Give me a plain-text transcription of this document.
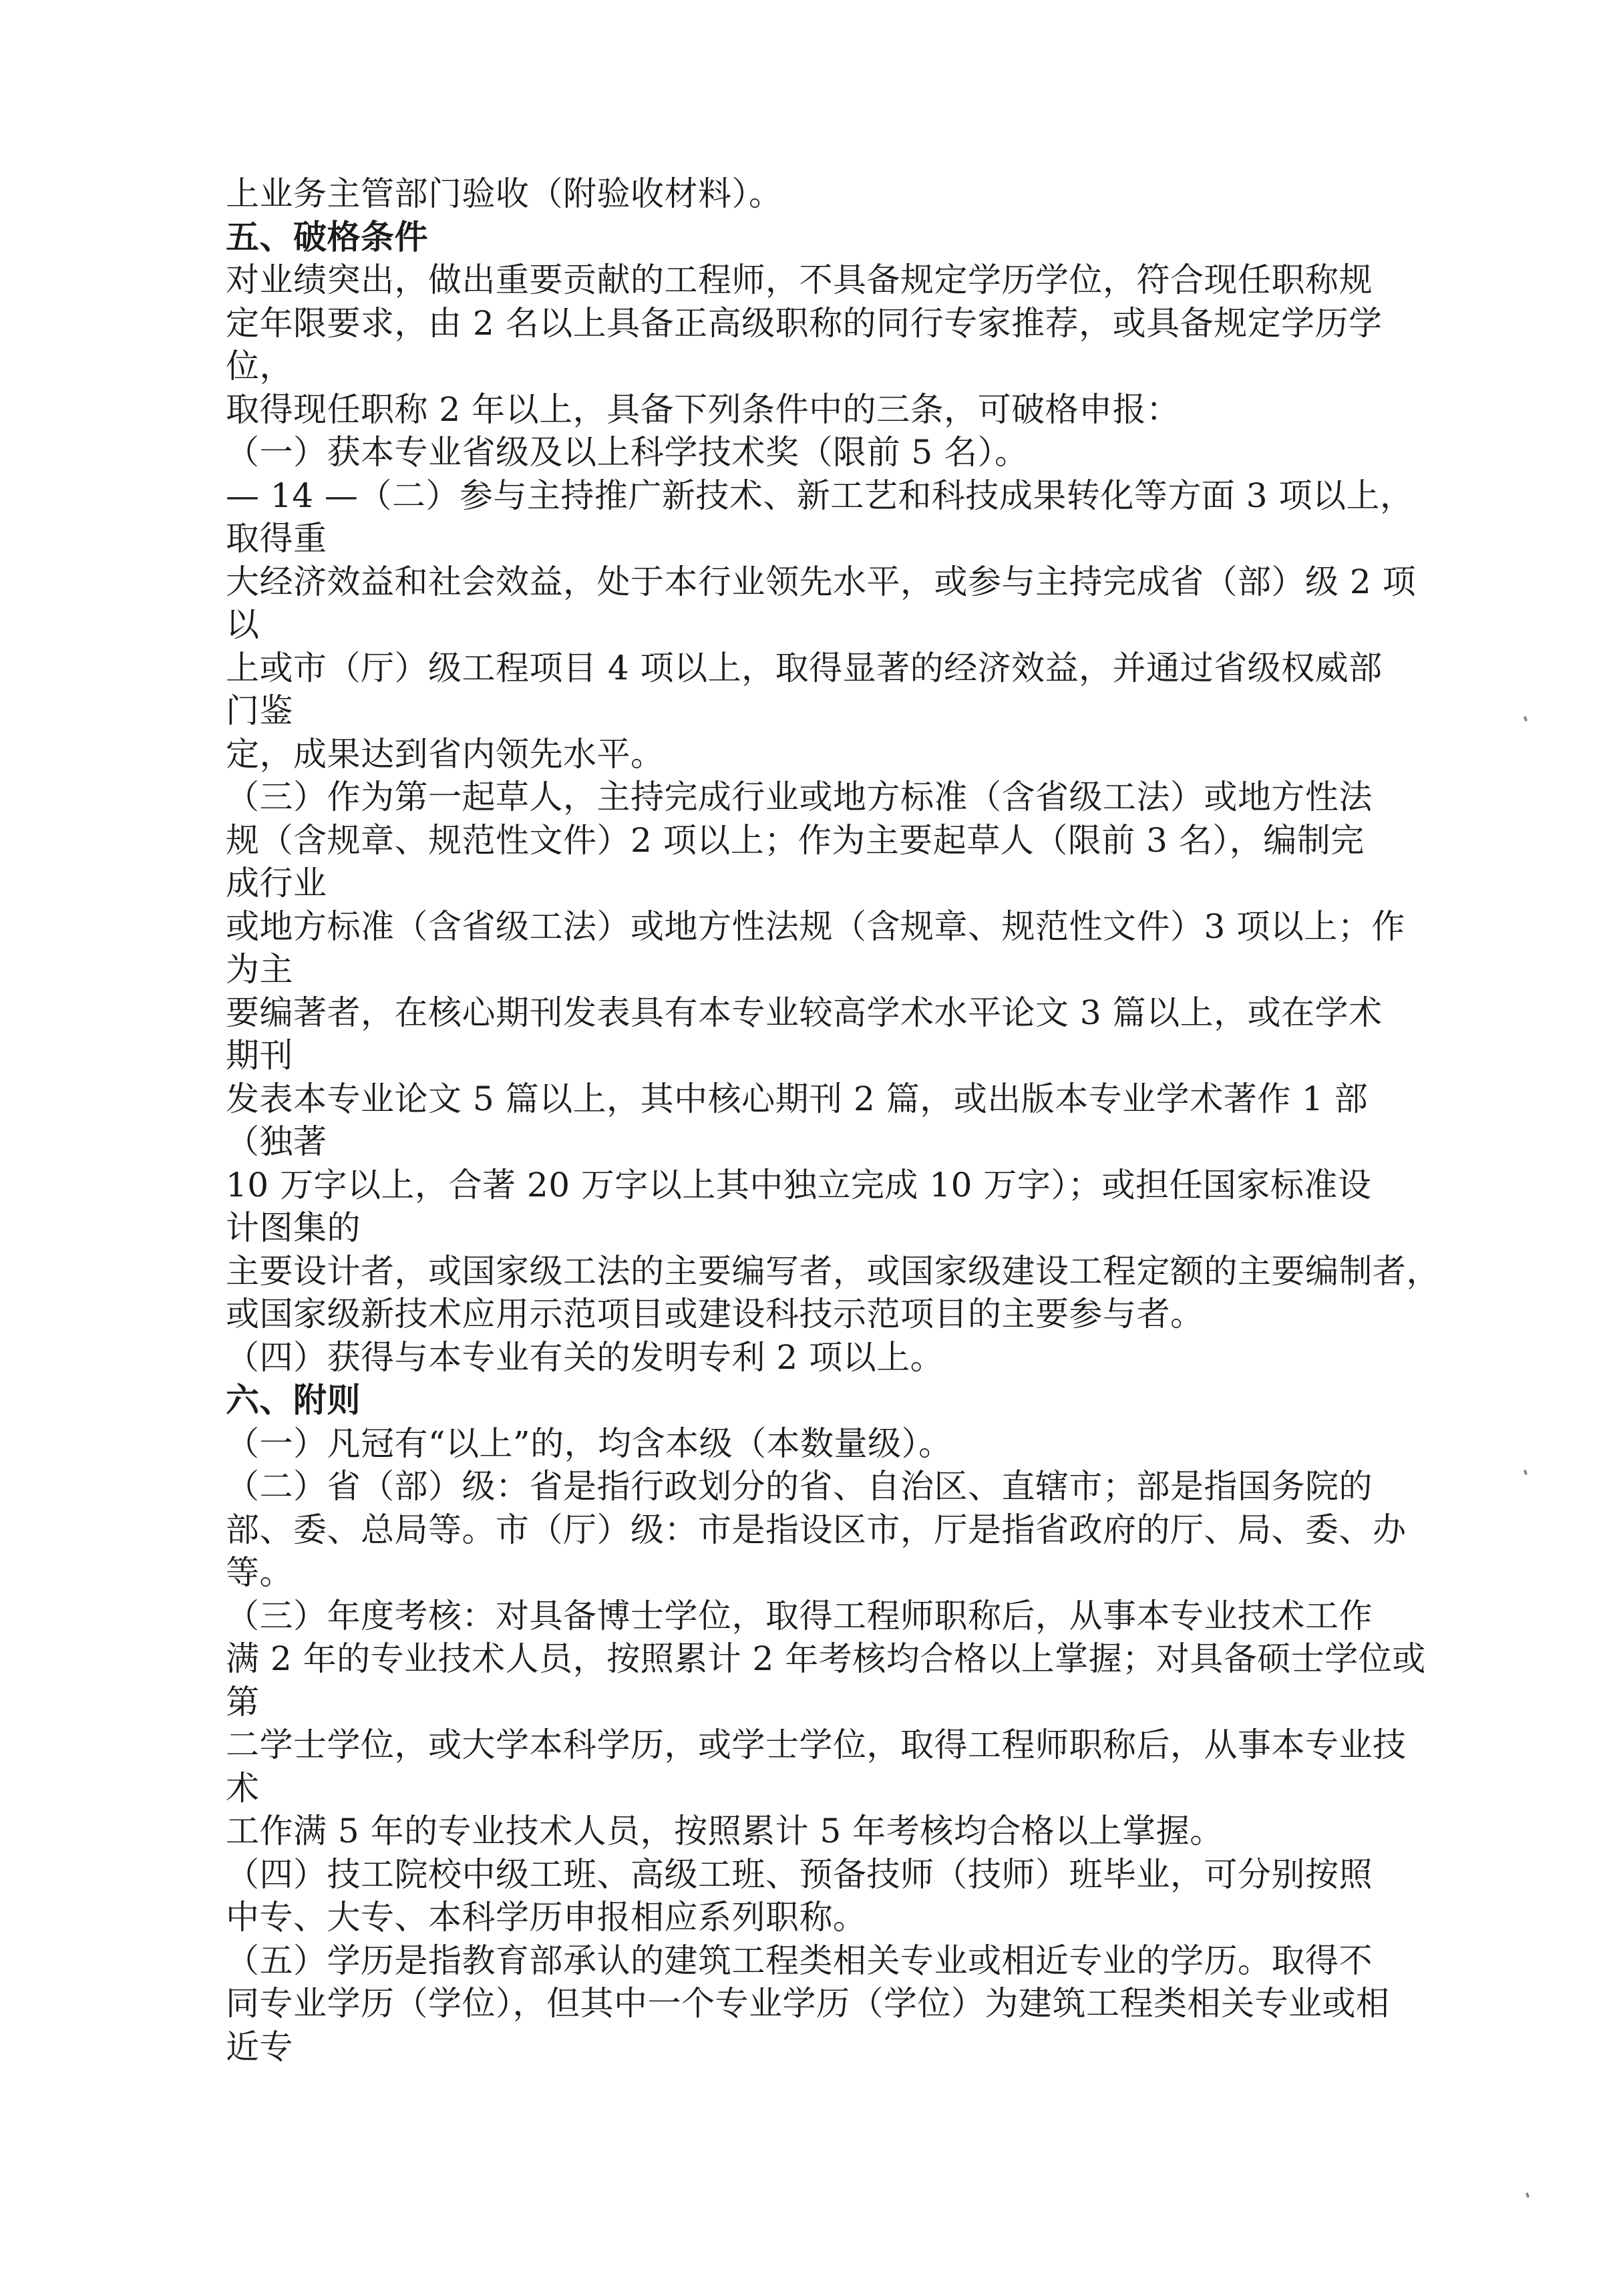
上业务主管部门验收（附验收材料）。
五、破格条件
对业绩突出，做出重要贡献的工程师，不具备规定学历学位，符合现任职称规
定年限要求，由 2 名以上具备正高级职称的同行专家推荐，或具备规定学历学
位，
取得现任职称 2 年以上，具备下列条件中的三条，可破格申报：
（一）获本专业省级及以上科学技术奖（限前 5 名）。
— 14 —（二）参与主持推广新技术、新工艺和科技成果转化等方面 3 项以上，
取得重
大经济效益和社会效益，处于本行业领先水平，或参与主持完成省（部）级 2 项
以
上或市（厅）级工程项目 4 项以上，取得显著的经济效益，并通过省级权威部
门鉴
定，成果达到省内领先水平。
（三）作为第一起草人，主持完成行业或地方标准（含省级工法）或地方性法
规（含规章、规范性文件）2 项以上；作为主要起草人（限前 3 名），编制完
成行业
或地方标准（含省级工法）或地方性法规（含规章、规范性文件）3 项以上；作
为主
要编著者，在核心期刊发表具有本专业较高学术水平论文 3 篇以上，或在学术
期刊
发表本专业论文 5 篇以上，其中核心期刊 2 篇，或出版本专业学术著作 1 部
（独著
10 万字以上，合著 20 万字以上其中独立完成 10 万字）；或担任国家标准设
计图集的
主要设计者，或国家级工法的主要编写者，或国家级建设工程定额的主要编制者，
或国家级新技术应用示范项目或建设科技示范项目的主要参与者。
（四）获得与本专业有关的发明专利 2 项以上。
六、附则
（一）凡冠有“以上”的，均含本级（本数量级）。
（二）省（部）级：省是指行政划分的省、自治区、直辖市；部是指国务院的
部、委、总局等。市（厅）级：市是指设区市，厅是指省政府的厅、局、委、办
等。
（三）年度考核：对具备博士学位，取得工程师职称后，从事本专业技术工作
满 2 年的专业技术人员，按照累计 2 年考核均合格以上掌握；对具备硕士学位或
第
二学士学位，或大学本科学历，或学士学位，取得工程师职称后，从事本专业技
术
工作满 5 年的专业技术人员，按照累计 5 年考核均合格以上掌握。
（四）技工院校中级工班、高级工班、预备技师（技师）班毕业，可分别按照
中专、大专、本科学历申报相应系列职称。
（五）学历是指教育部承认的建筑工程类相关专业或相近专业的学历。取得不
同专业学历（学位），但其中一个专业学历（学位）为建筑工程类相关专业或相
近专
